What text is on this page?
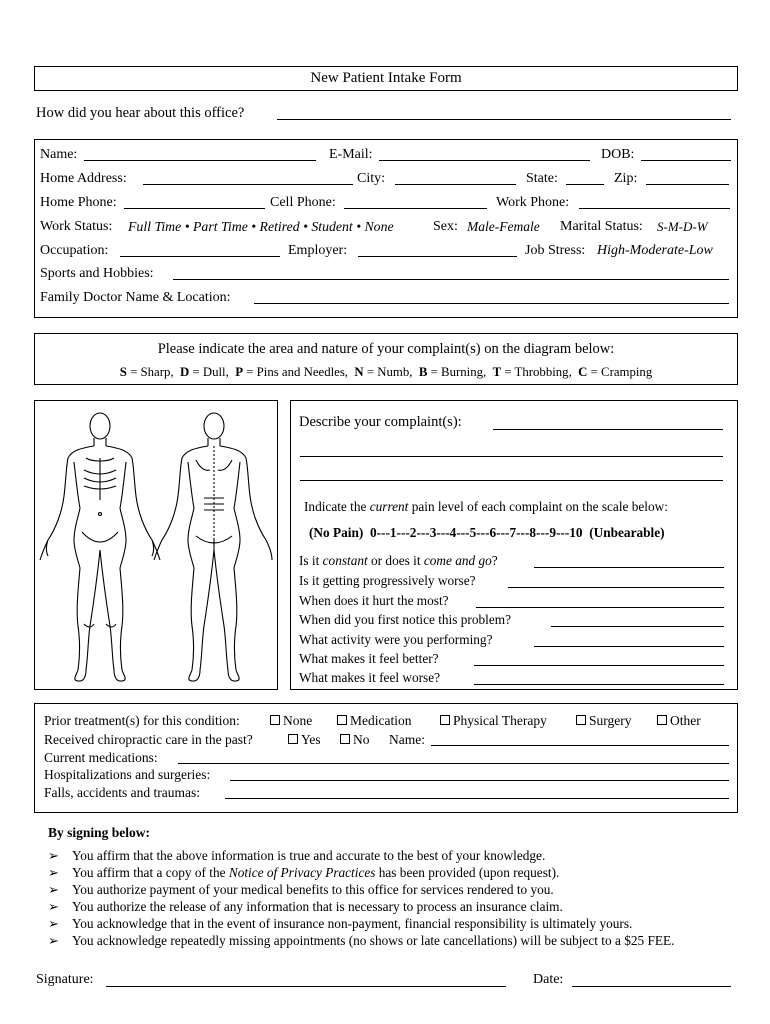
New Patient Intake Form
How did you hear about this office?
Name:	E-Mail:	DOB:
Home Address:	City:	State:	Zip:
Home Phone:	Cell Phone:	Work Phone:
Work Status: Full Time • Part Time • Retired • Student • None	Sex: Male-Female Marital Status: S-M-D-W
Occupation:	Employer:	Job Stress: High-Moderate-Low
Sports and Hobbies:
Family Doctor Name & Location:
Please indicate the area and nature of your complaint(s) on the diagram below:
S = Sharp, D = Dull, P = Pins and Needles, N = Numb, B = Burning, T = Throbbing, C = Cramping
Describe your complaint(s):
Indicate the current pain level of each complaint on the scale below:
(No Pain)  0---1---2---3---4---5---6---7---8---9---10  (Unbearable)
Is it constant or does it come and go?
Is it getting progressively worse?
When does it hurt the most?
When did you first notice this problem?
What activity were you performing?
What makes it feel better?
What makes it feel worse?
Prior treatment(s) for this condition:	None	Medication	Physical Therapy	Surgery	Other
Received chiropractic care in the past?	Yes	No Name:
Current medications:
Hospitalizations and surgeries:
Falls, accidents and traumas:
By signing below:
➢ You affirm that the above information is true and accurate to the best of your knowledge.
➢ You affirm that a copy of the Notice of Privacy Practices has been provided (upon request).
➢ You authorize payment of your medical benefits to this office for services rendered to you.
➢ You authorize the release of any information that is necessary to process an insurance claim.
➢ You acknowledge that in the event of insurance non-payment, financial responsibility is ultimately yours.
➢ You acknowledge repeatedly missing appointments (no shows or late cancellations) will be subject to a $25 FEE.
Signature:	Date:
